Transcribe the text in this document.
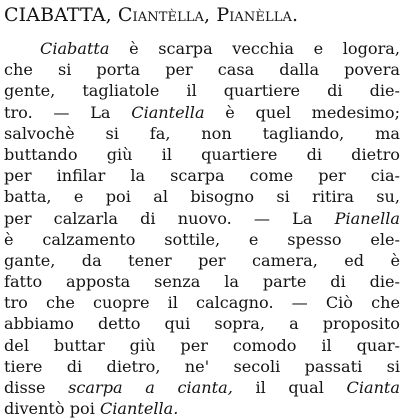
CIABATTA, Ciantèlla, Pianèlla.
Ciabatta è scarpa vecchia e logora,
che si porta per casa dalla povera
gente, tagliatole il quartiere di die-
tro. — La Ciantella è quel medesimo;
salvochè si fa, non tagliando, ma
buttando giù il quartiere di dietro
per infilar la scarpa come per cia-
batta, e poi al bisogno si ritira su,
per calzarla di nuovo. — La Pianella
è calzamento sottile, e spesso ele-
gante, da tener per camera, ed è
fatto apposta senza la parte di die-
tro che cuopre il calcagno. — Ciò che
abbiamo detto qui sopra, a proposito
del buttar giù per comodo il quar-
tiere di dietro, ne' secoli passati si
disse scarpa a cianta, il qual Cianta
diventò poi Ciantella.
